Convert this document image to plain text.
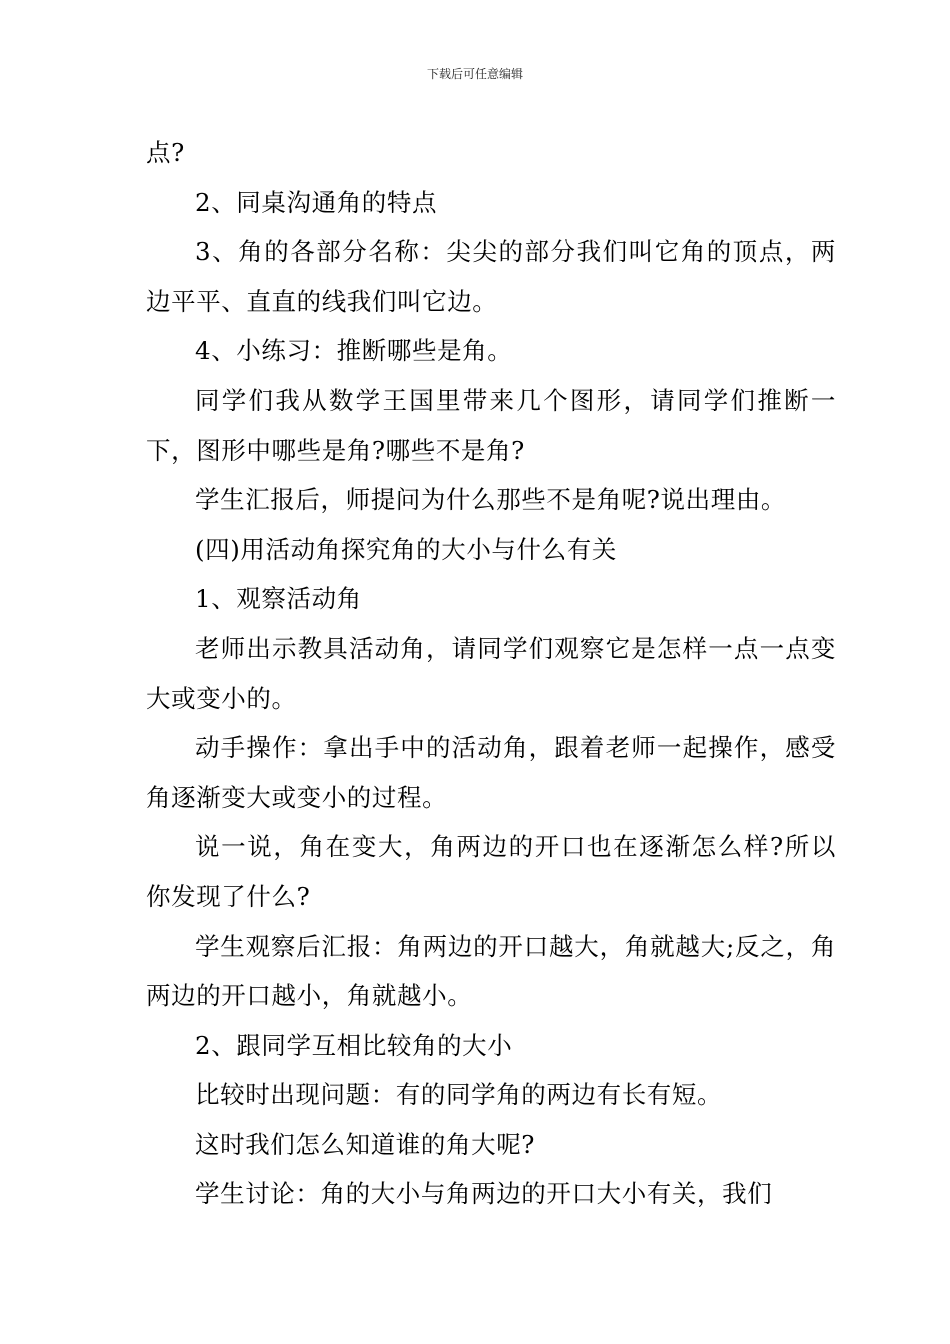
下载后可任意编辑

点?

2、同桌沟通角的特点

3、角的各部分名称：尖尖的部分我们叫它角的顶点，两边平平、直直的线我们叫它边。

4、小练习：推断哪些是角。

同学们我从数学王国里带来几个图形，请同学们推断一下，图形中哪些是角?哪些不是角?

学生汇报后，师提问为什么那些不是角呢?说出理由。

(四)用活动角探究角的大小与什么有关

1、观察活动角

老师出示教具活动角，请同学们观察它是怎样一点一点变大或变小的。

动手操作：拿出手中的活动角，跟着老师一起操作，感受角逐渐变大或变小的过程。

说一说，角在变大，角两边的开口也在逐渐怎么样?所以你发现了什么?

学生观察后汇报：角两边的开口越大，角就越大;反之，角两边的开口越小，角就越小。

2、跟同学互相比较角的大小

比较时出现问题：有的同学角的两边有长有短。

这时我们怎么知道谁的角大呢?

学生讨论：角的大小与角两边的开口大小有关，我们
